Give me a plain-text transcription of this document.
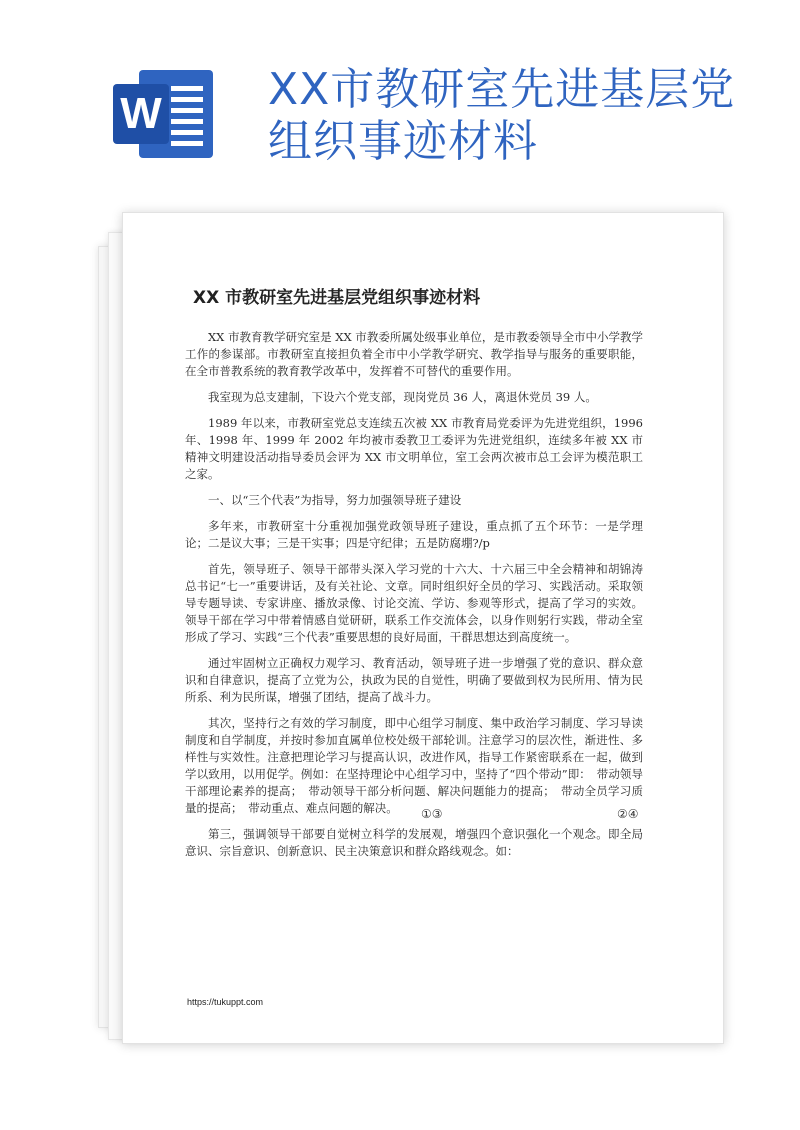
W XX市教研室先进基层党组织事迹材料
XX 市教研室先进基层党组织事迹材料

XX 市教育教学研究室是 XX 市教委所属处级事业单位，是市教委领导全市中小学教学工作的参谋部。市教研室直接担负着全市中小学教学研究、教学指导与服务的重要职能，在全市普教系统的教育教学改革中，发挥着不可替代的重要作用。

我室现为总支建制，下设六个党支部，现岗党员 36 人，离退休党员 39 人。

1989 年以来，市教研室党总支连续五次被 XX 市教育局党委评为先进党组织，1996 年、1998 年、1999 年 2002 年均被市委教卫工委评为先进党组织，连续多年被 XX 市精神文明建设活动指导委员会评为 XX 市文明单位，室工会两次被市总工会评为模范职工之家。

一、以“三个代表”为指导，努力加强领导班子建设

多年来，市教研室十分重视加强党政领导班子建设，重点抓了五个环节：一是学理论；二是议大事；三是干实事；四是守纪律；五是防腐堋?/p

首先，领导班子、领导干部带头深入学习党的十六大、十六届三中全会精神和胡锦涛总书记“七一”重要讲话，及有关社论、文章。同时组织好全员的学习、实践活动。采取领导专题导读、专家讲座、播放录像、讨论交流、学访、参观等形式，提高了学习的实效。领导干部在学习中带着情感自觉研研，联系工作交流体会，以身作则躬行实践，带动全室形成了学习、实践“三个代表”重要思想的良好局面，干群思想达到高度统一。

通过牢固树立正确权力观学习、教育活动，领导班子进一步增强了党的意识、群众意识和自律意识，提高了立党为公，执政为民的自觉性，明确了要做到权为民所用、情为民所系、利为民所谋，增强了团结，提高了战斗力。

其次，坚持行之有效的学习制度，即中心组学习制度、集中政治学习制度、学习导读制度和自学制度，并按时参加直属单位校处级干部轮训。注意学习的层次性，渐进性、多样性与实效性。注意把理论学习与提高认识，改进作风，指导工作紧密联系在一起，做到学以致用，以用促学。例如：在坚持理论中心组学习中，坚持了“四个带动”即：　带动领导干部理论素养的提高；　带动领导干部分析问题、解决问题能力的提高；　带动全员学习质量的提高；　带动重点、难点问题的解决。

第三，强调领导干部要自觉树立科学的发展观，增强四个意识强化一个观念。即全局意识、宗旨意识、创新意识、民主决策意识和群众路线观念。如：

①③	②④
https://tukuppt.com
